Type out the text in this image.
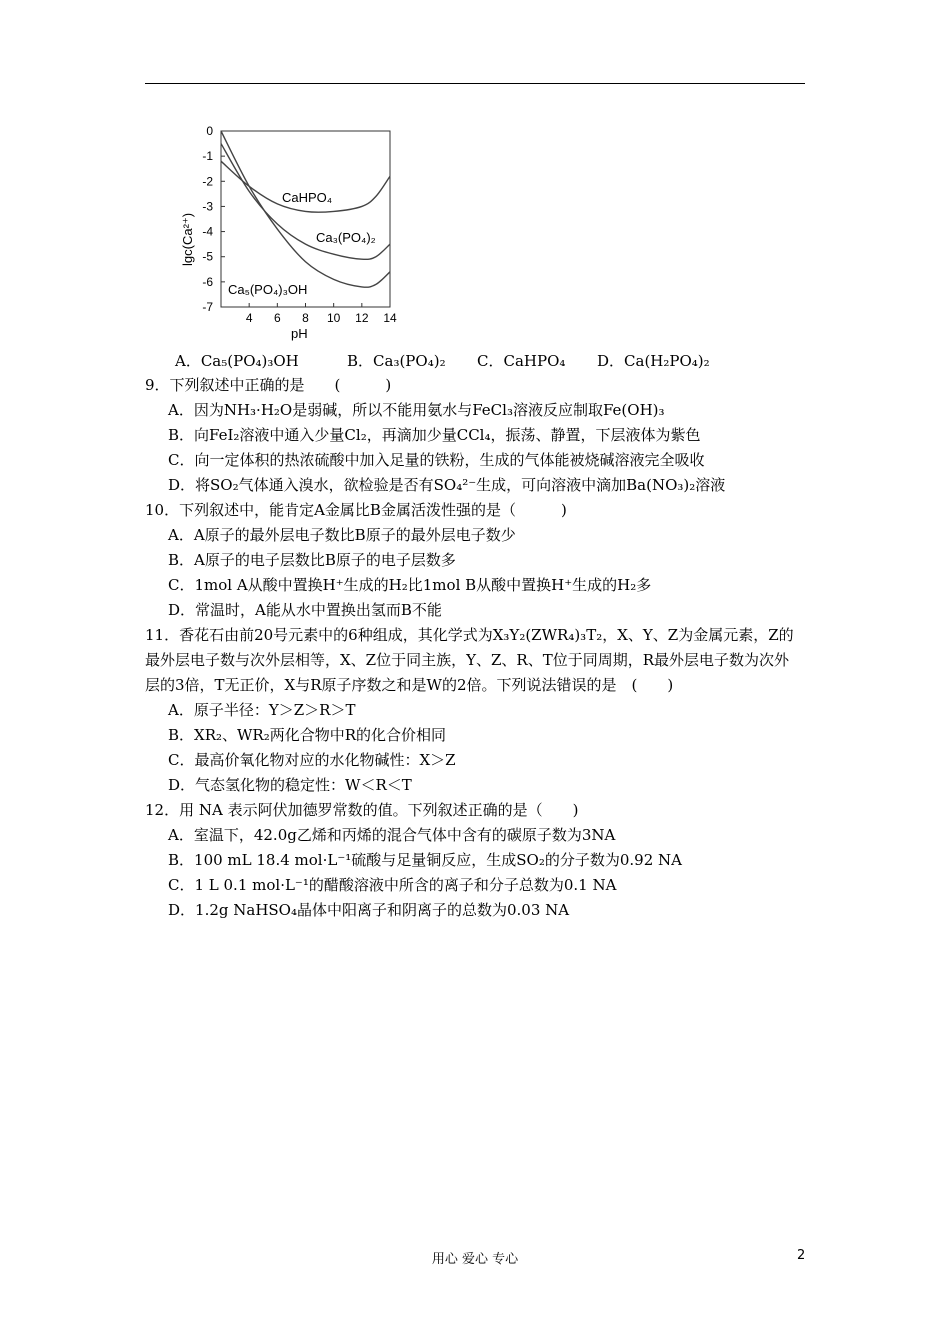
0
-1
-2
-3
-4
-5
-6
-7
4 6 8 10 12 14
CaHPO₄
Ca₃(PO₄)₂
Ca₅(PO₄)₃OH
pH
lgc(Ca²⁺)
A．Ca₅(PO₄)₃OH	B．Ca₃(PO₄)₂ C．CaHPO₄ D．Ca(H₂PO₄)₂
9．下列叙述中正确的是　　(　　　)
A．因为NH₃·H₂O是弱碱，所以不能用氨水与FeCl₃溶液反应制取Fe(OH)₃
B．向FeI₂溶液中通入少量Cl₂，再滴加少量CCl₄，振荡、静置，下层液体为紫色
C．向一定体积的热浓硫酸中加入足量的铁粉，生成的气体能被烧碱溶液完全吸收
D．将SO₂气体通入溴水，欲检验是否有SO₄²⁻生成，可向溶液中滴加Ba(NO₃)₂溶液
10．下列叙述中，能肯定A金属比B金属活泼性强的是（　　　)
A．A原子的最外层电子数比B原子的最外层电子数少
B．A原子的电子层数比B原子的电子层数多
C．1mol A从酸中置换H⁺生成的H₂比1mol B从酸中置换H⁺生成的H₂多
D．常温时，A能从水中置换出氢而B不能
11．香花石由前20号元素中的6种组成，其化学式为X₃Y₂(ZWR₄)₃T₂，X、Y、Z为金属元素，Z的
最外层电子数与次外层相等，X、Z位于同主族，Y、Z、R、T位于同周期，R最外层电子数为次外
层的3倍，T无正价，X与R原子序数之和是W的2倍。下列说法错误的是　(　　)
A．原子半径：Y＞Z＞R＞T
B．XR₂、WR₂两化合物中R的化合价相同
C．最高价氧化物对应的水化物碱性：X＞Z
D．气态氢化物的稳定性：W＜R＜T
12．用 NA 表示阿伏加德罗常数的值。下列叙述正确的是（　　)
A．室温下，42.0g乙烯和丙烯的混合气体中含有的碳原子数为3NA
B．100 mL 18.4 mol·L⁻¹硫酸与足量铜反应，生成SO₂的分子数为0.92 NA
C．1 L 0.1 mol·L⁻¹的醋酸溶液中所含的离子和分子总数为0.1 NA
D．1.2g NaHSO₄晶体中阳离子和阴离子的总数为0.03 NA
用心 爱心 专心	2
